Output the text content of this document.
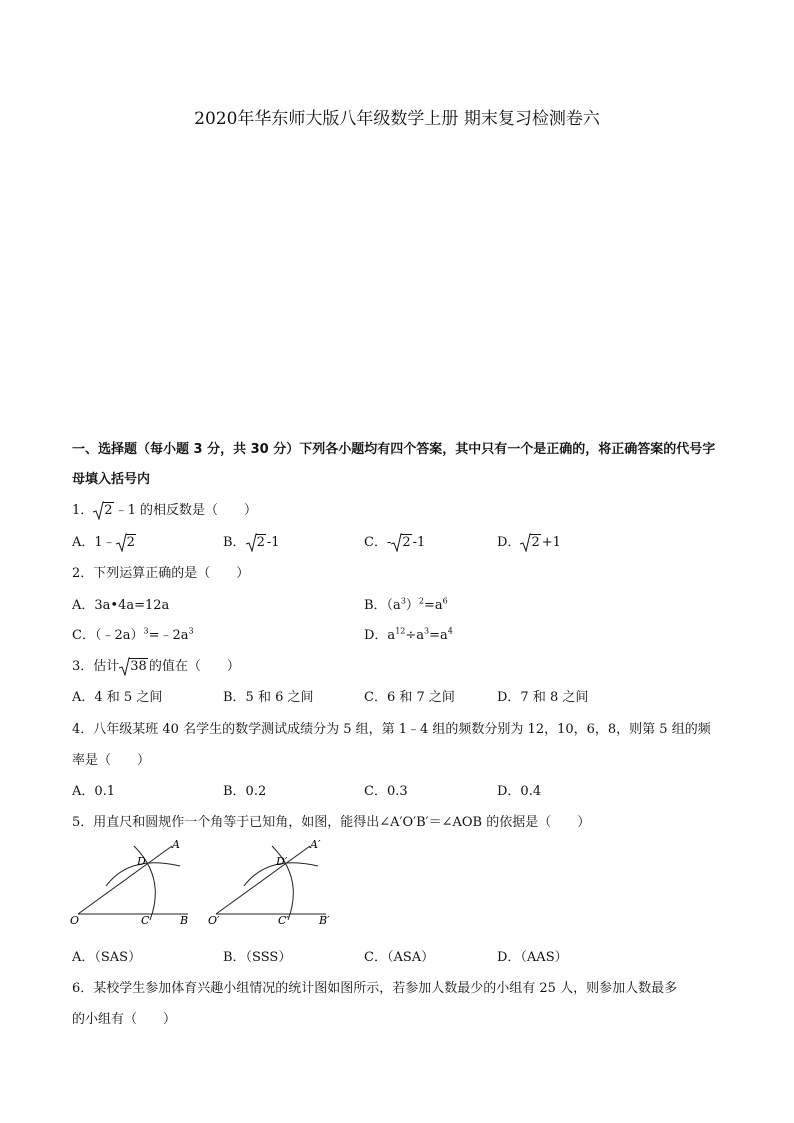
2020年华东师大版八年级数学上册 期末复习检测卷六
一、选择题（每小题 3 分，共 30 分）下列各小题均有四个答案，其中只有一个是正确的，将正确答案的代号字
母填入括号内
1． 2 ﹣1 的相反数是（　　）
A．1﹣ 2	B． 2 -1	C．- 2 -1	D． 2 +1
2．下列运算正确的是（　　）
A．3a•4a=12a	B．$(a^3)^2=a^6$
C．$(﹣2a)^3=﹣2a^3$	D．$a^{12}\div a^3=a^4$
3．估计 38 的值在（　　）
A．4 和 5 之间	B．5 和 6 之间	C．6 和 7 之间	D．7 和 8 之间
4．八年级某班 40 名学生的数学测试成绩分为 5 组，第 1﹣4 组的频数分别为 12，10，6，8，则第 5 组的频
率是（　　）
A．0.1	B．0.2	C．0.3	D．0.4
5．用直尺和圆规作一个角等于已知角，如图，能得出∠A′O′B′＝∠AOB 的依据是（　　）
O	C	B
D
A
O′	C′	B′
D′
A′
A．（SAS）	B．（SSS）	C．（ASA）	D．（AAS）
6．某校学生参加体育兴趣小组情况的统计图如图所示，若参加人数最少的小组有 25 人，则参加人数最多
的小组有（　　）
